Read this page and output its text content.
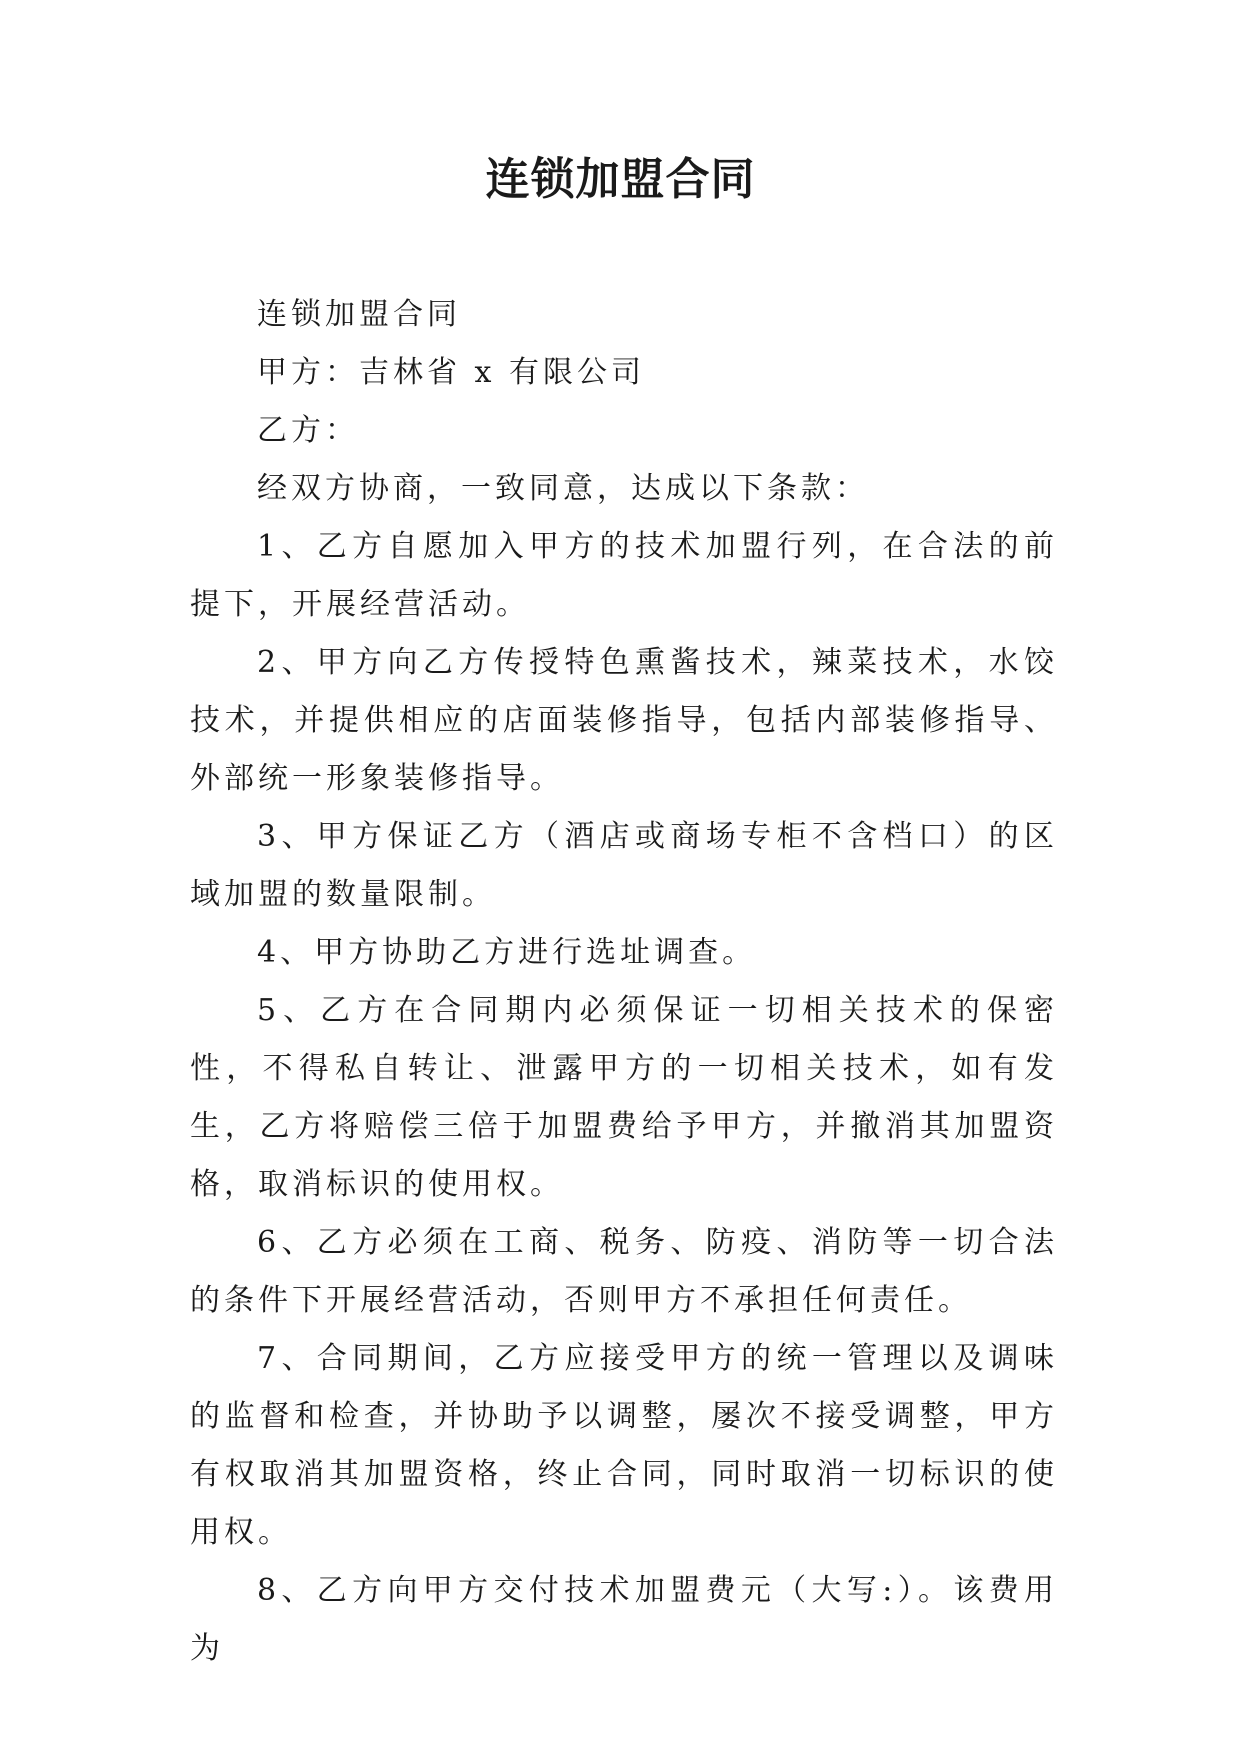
连锁加盟合同

连锁加盟合同

甲方：吉林省 x 有限公司

乙方：

经双方协商，一致同意，达成以下条款：

1、乙方自愿加入甲方的技术加盟行列，在合法的前提下，开展经营活动。

2、甲方向乙方传授特色熏酱技术，辣菜技术，水饺技术，并提供相应的店面装修指导，包括内部装修指导、外部统一形象装修指导。

3、甲方保证乙方（酒店或商场专柜不含档口）的区域加盟的数量限制。

4、甲方协助乙方进行选址调查。

5、乙方在合同期内必须保证一切相关技术的保密性，不得私自转让、泄露甲方的一切相关技术，如有发生，乙方将赔偿三倍于加盟费给予甲方，并撤消其加盟资格，取消标识的使用权。

6、乙方必须在工商、税务、防疫、消防等一切合法的条件下开展经营活动，否则甲方不承担任何责任。

7、合同期间，乙方应接受甲方的统一管理以及调味的监督和检查，并协助予以调整，屡次不接受调整，甲方有权取消其加盟资格，终止合同，同时取消一切标识的使用权。

8、乙方向甲方交付技术加盟费元（大写:）。该费用为
